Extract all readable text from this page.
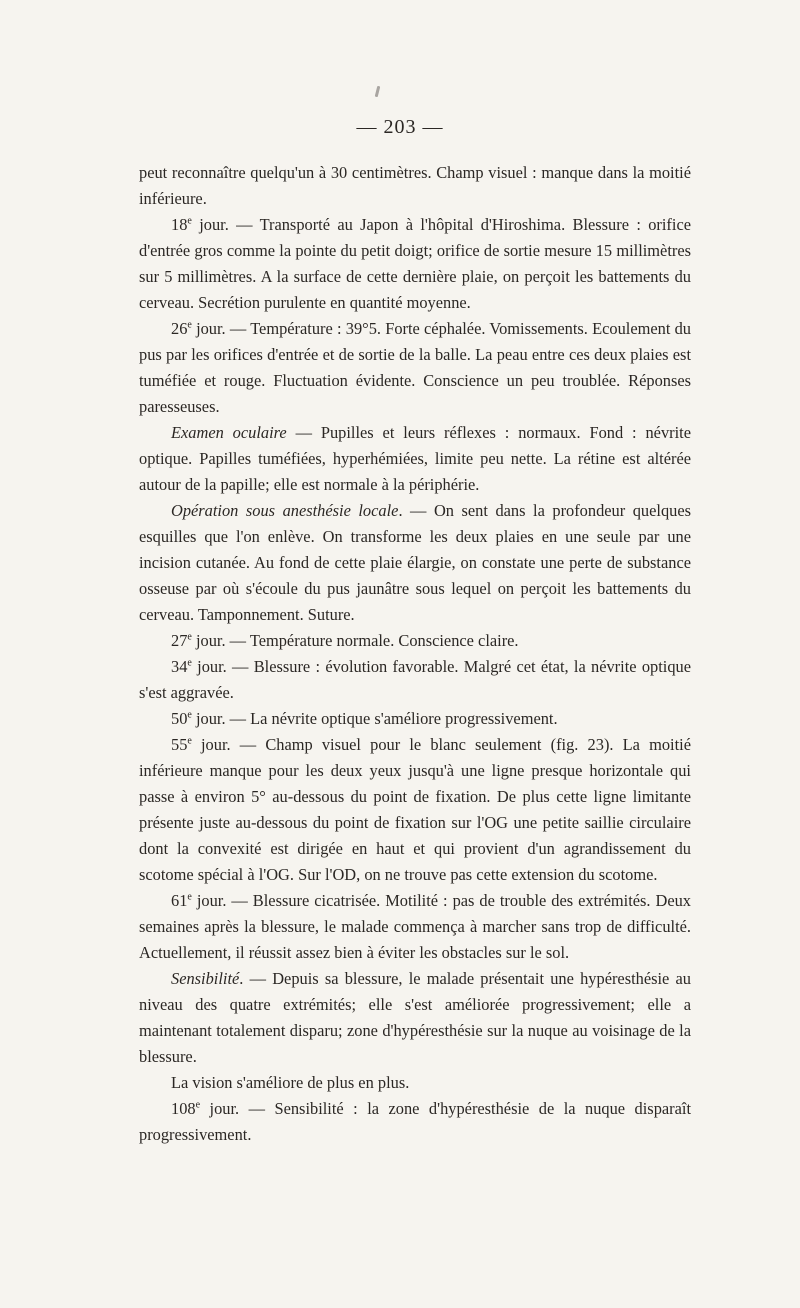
— 203 —

peut reconnaître quelqu'un à 30 centimètres. Champ visuel : manque dans la moitié inférieure.

18e jour. — Transporté au Japon à l'hôpital d'Hiroshima. Blessure : orifice d'entrée gros comme la pointe du petit doigt; orifice de sortie mesure 15 millimètres sur 5 millimètres. A la surface de cette dernière plaie, on perçoit les battements du cerveau. Secrétion purulente en quantité moyenne.

26e jour. — Température : 39°5. Forte céphalée. Vomissements. Ecoulement du pus par les orifices d'entrée et de sortie de la balle. La peau entre ces deux plaies est tuméfiée et rouge. Fluctuation évidente. Conscience un peu troublée. Réponses paresseuses.

Examen oculaire — Pupilles et leurs réflexes : normaux. Fond : névrite optique. Papilles tuméfiées, hyperhémiées, limite peu nette. La rétine est altérée autour de la papille; elle est normale à la périphérie.

Opération sous anesthésie locale. — On sent dans la profondeur quelques esquilles que l'on enlève. On transforme les deux plaies en une seule par une incision cutanée. Au fond de cette plaie élargie, on constate une perte de substance osseuse par où s'écoule du pus jaunâtre sous lequel on perçoit les battements du cerveau. Tamponnement. Suture.

27e jour. — Température normale. Conscience claire.

34e jour. — Blessure : évolution favorable. Malgré cet état, la névrite optique s'est aggravée.

50e jour. — La névrite optique s'améliore progressivement.

55e jour. — Champ visuel pour le blanc seulement (fig. 23). La moitié inférieure manque pour les deux yeux jusqu'à une ligne presque horizontale qui passe à environ 5° au-dessous du point de fixation. De plus cette ligne limitante présente juste au-dessous du point de fixation sur l'OG une petite saillie circulaire dont la convexité est dirigée en haut et qui provient d'un agrandissement du scotome spécial à l'OG. Sur l'OD, on ne trouve pas cette extension du scotome.

61e jour. — Blessure cicatrisée. Motilité : pas de trouble des extrémités. Deux semaines après la blessure, le malade commença à marcher sans trop de difficulté. Actuellement, il réussit assez bien à éviter les obstacles sur le sol.

Sensibilité. — Depuis sa blessure, le malade présentait une hypéresthésie au niveau des quatre extrémités; elle s'est améliorée progressivement; elle a maintenant totalement disparu; zone d'hypéresthésie sur la nuque au voisinage de la blessure.

La vision s'améliore de plus en plus.

108e jour. — Sensibilité : la zone d'hypéresthésie de la nuque disparaît progressivement.
